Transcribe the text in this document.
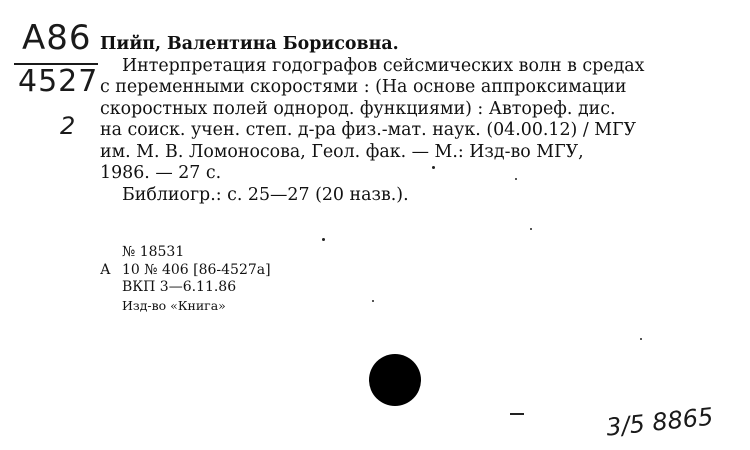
А86
4527
2

Пийп, Валентина Борисовна.

Интерпретация годографов сейсмических волн в средах

с переменными скоростями : (На основе аппроксимации

скоростных полей однород. функциями) : Автореф. дис.

на соиск. учен. степ. д-ра физ.-мат. наук. (04.00.12) / МГУ

им. М. В. Ломоносова, Геол. фак. — М.: Изд-во МГУ,

1986. — 27 с.

Библиогр.: с. 25—27 (20 назв.).

№ 18531
А 10 № 406 [86-4527а]
ВКП 3—6.11.86
Изд-во «Книга»
3/5 8865
